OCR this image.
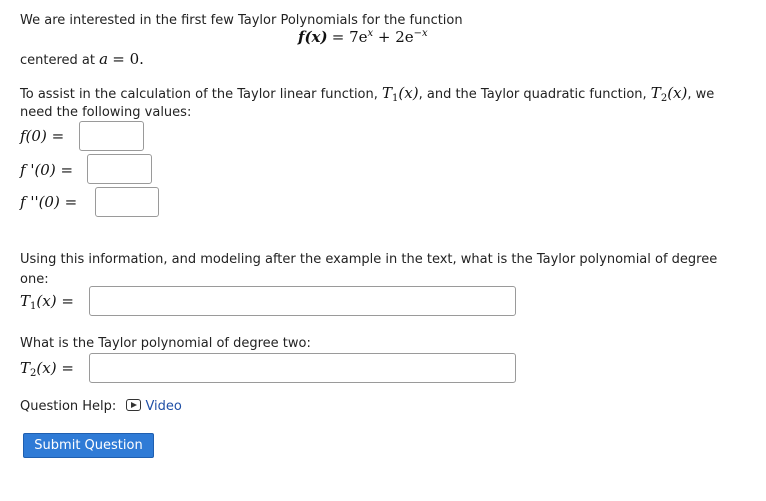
We are interested in the first few Taylor Polynomials for the function
$f(x) = 7e^x + 2e^{-x}$
centered at a = 0.
To assist in the calculation of the Taylor linear function, $T_1(x)$, and the Taylor quadratic function, $T_2(x)$, we
need the following values:
f(0) =
f '(0) =
f ''(0) =
Using this information, and modeling after the example in the text, what is the Taylor polynomial of degree
one:
$T_1(x)$ =
What is the Taylor polynomial of degree two:
$T_2(x)$ =
Question Help: Video
Submit Question
